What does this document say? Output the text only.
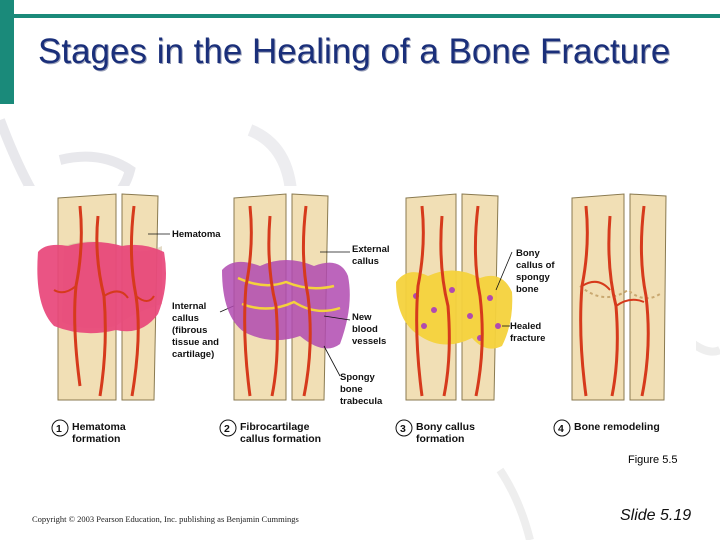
Stages in the Healing of a Bone Fracture
Hematoma
Internal
callus
(fibrous
tissue and
cartilage)
External
callus
New
blood
vessels
Spongy
bone
trabecula
Bony
callus of
spongy
bone
Healed
fracture
1 Hematoma
formation
2 Fibrocartilage
callus formation
3 Bony callus
formation
4 Bone remodeling
Figure 5.5
Copyright © 2003 Pearson Education, Inc. publishing as Benjamin Cummings	Slide 5.19
